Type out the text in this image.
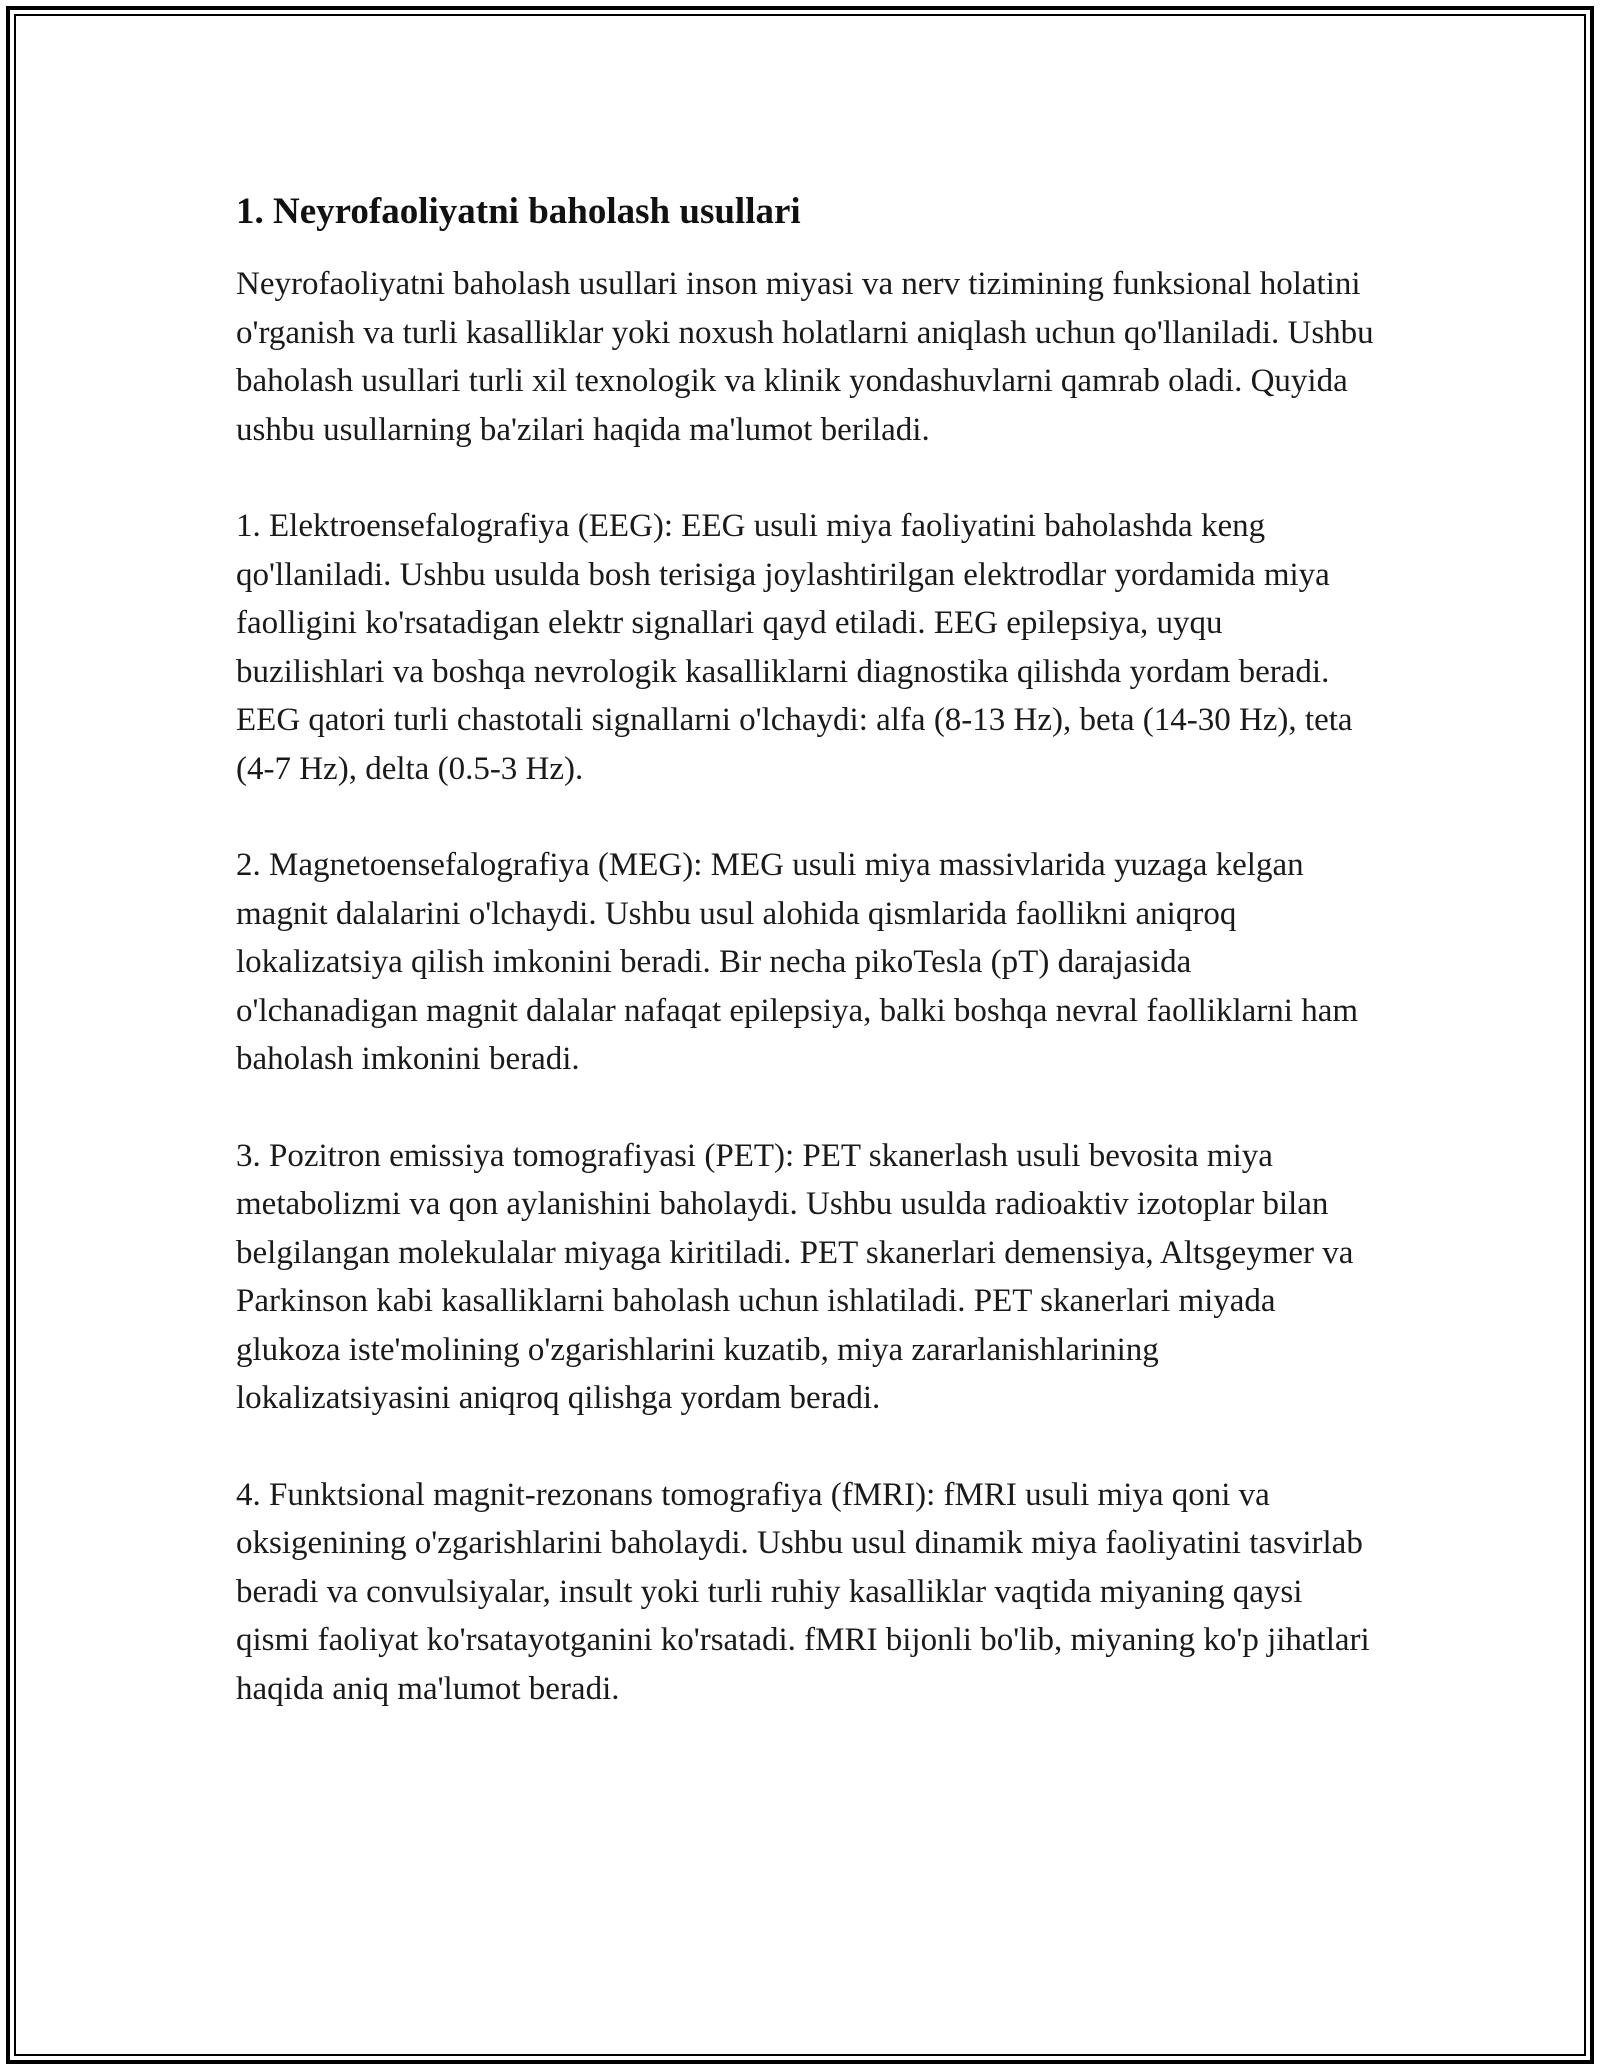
1. Neyrofaoliyatni baholash usullari

Neyrofaoliyatni baholash usullari inson miyasi va nerv tizimining funksional holatini o'rganish va turli kasalliklar yoki noxush holatlarni aniqlash uchun qo'llaniladi. Ushbu baholash usullari turli xil texnologik va klinik yondashuvlarni qamrab oladi. Quyida ushbu usullarning ba'zilari haqida ma'lumot beriladi.

1. Elektroensefalografiya (EEG): EEG usuli miya faoliyatini baholashda keng qo'llaniladi. Ushbu usulda bosh terisiga joylashtirilgan elektrodlar yordamida miya faolligini ko'rsatadigan elektr signallari qayd etiladi. EEG epilepsiya, uyqu buzilishlari va boshqa nevrologik kasalliklarni diagnostika qilishda yordam beradi. EEG qatori turli chastotali signallarni o'lchaydi: alfa (8-13 Hz), beta (14-30 Hz), teta (4-7 Hz), delta (0.5-3 Hz).

2. Magnetoensefalografiya (MEG): MEG usuli miya massivlarida yuzaga kelgan magnit dalalarini o'lchaydi. Ushbu usul alohida qismlarida faollikni aniqroq lokalizatsiya qilish imkonini beradi. Bir necha pikoTesla (pT) darajasida o'lchanadigan magnit dalalar nafaqat epilepsiya, balki boshqa nevral faolliklarni ham baholash imkonini beradi.

3. Pozitron emissiya tomografiyasi (PET): PET skanerlash usuli bevosita miya metabolizmi va qon aylanishini baholaydi. Ushbu usulda radioaktiv izotoplar bilan belgilangan molekulalar miyaga kiritiladi. PET skanerlari demensiya, Altsgeymer va Parkinson kabi kasalliklarni baholash uchun ishlatiladi. PET skanerlari miyada glukoza iste'molining o'zgarishlarini kuzatib, miya zararlanishlarining lokalizatsiyasini aniqroq qilishga yordam beradi.

4. Funktsional magnit-rezonans tomografiya (fMRI): fMRI usuli miya qoni va oksigenining o'zgarishlarini baholaydi. Ushbu usul dinamik miya faoliyatini tasvirlab beradi va convulsiyalar, insult yoki turli ruhiy kasalliklar vaqtida miyaning qaysi qismi faoliyat ko'rsatayotganini ko'rsatadi. fMRI bijonli bo'lib, miyaning ko'p jihatlari haqida aniq ma'lumot beradi.
